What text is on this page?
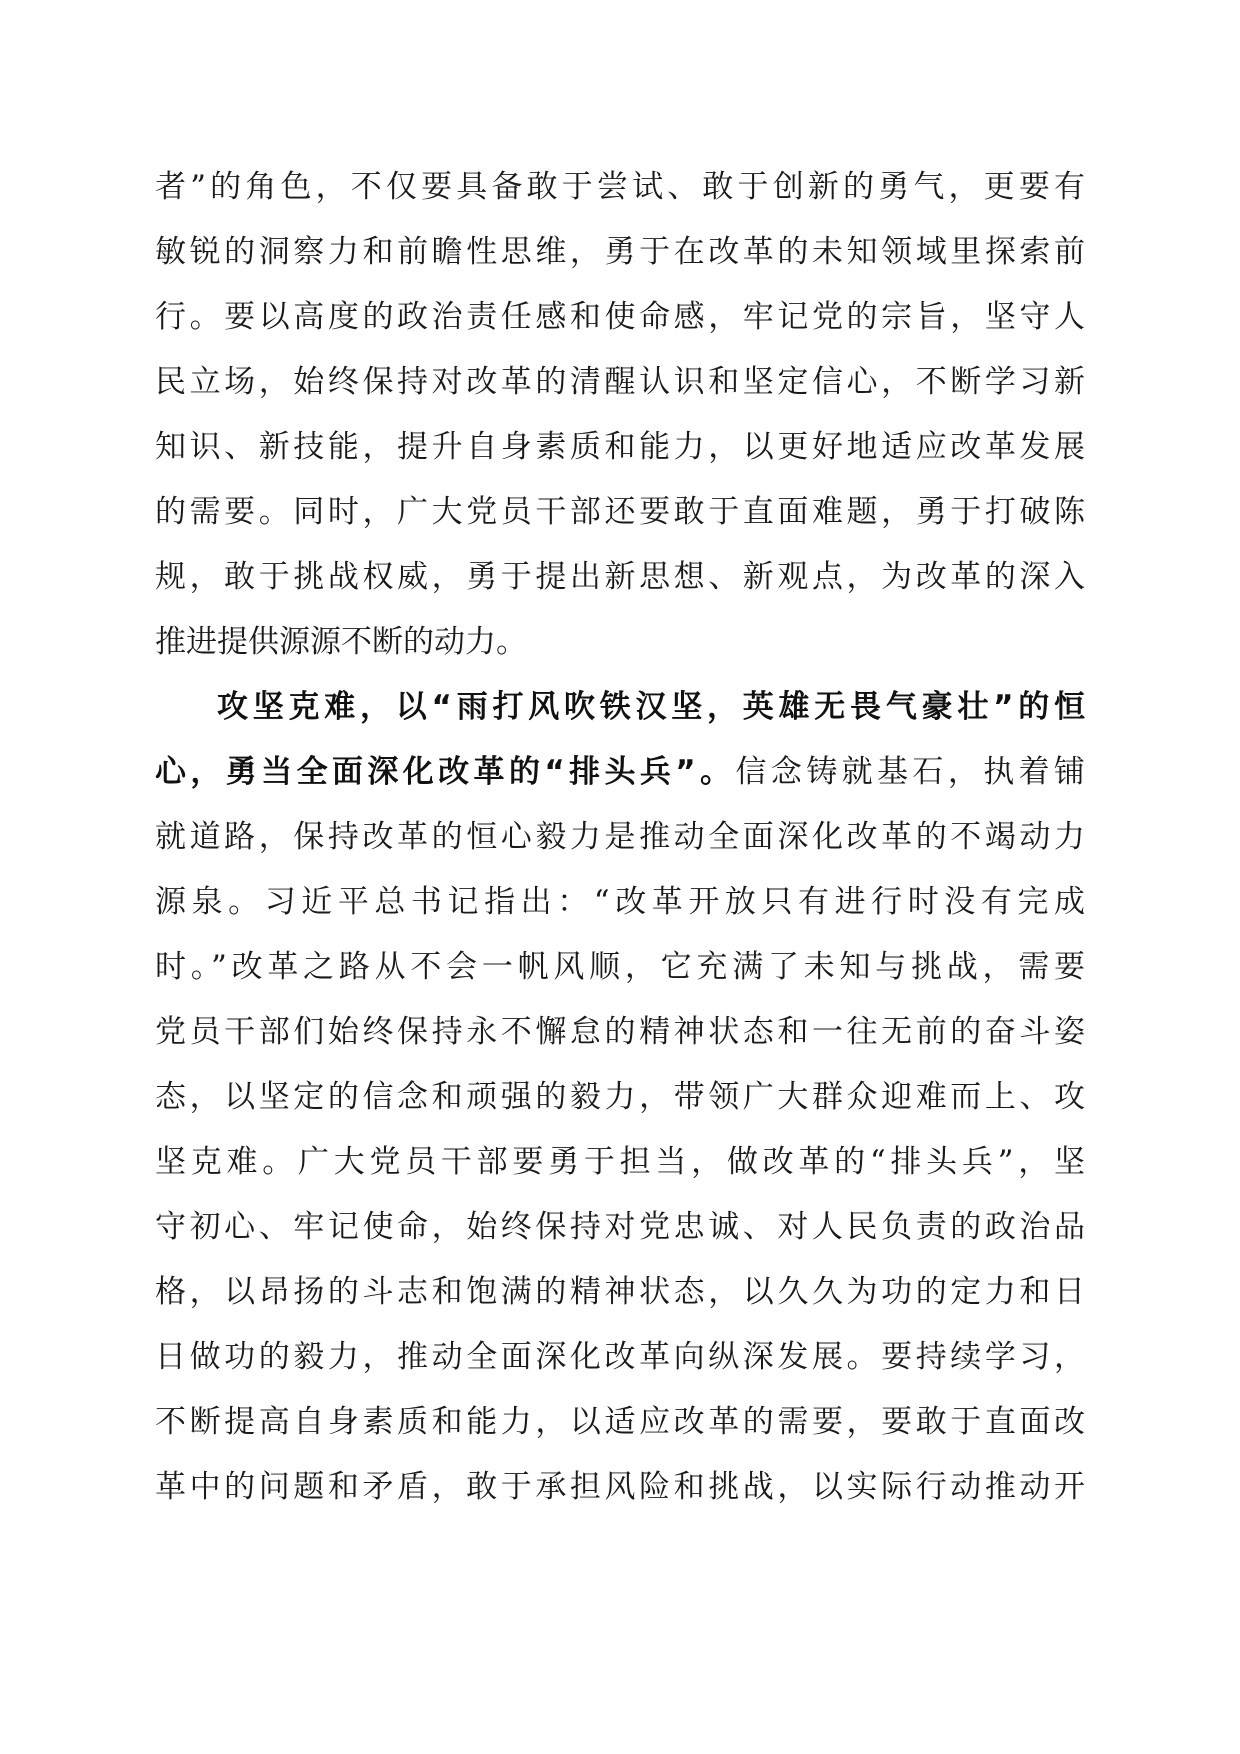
者”的角色，不仅要具备敢于尝试、敢于创新的勇气，更要有
敏锐的洞察力和前瞻性思维，勇于在改革的未知领域里探索前
行。要以高度的政治责任感和使命感，牢记党的宗旨，坚守人
民立场，始终保持对改革的清醒认识和坚定信心，不断学习新
知识、新技能，提升自身素质和能力，以更好地适应改革发展
的需要。同时，广大党员干部还要敢于直面难题，勇于打破陈
规，敢于挑战权威，勇于提出新思想、新观点，为改革的深入
推进提供源源不断的动力。
攻坚克难，以“雨打风吹铁汉坚，英雄无畏气豪壮”的恒
心，勇当全面深化改革的“排头兵”。信念铸就基石，执着铺
就道路，保持改革的恒心毅力是推动全面深化改革的不竭动力
源泉。习近平总书记指出：“改革开放只有进行时没有完成
时。”改革之路从不会一帆风顺，它充满了未知与挑战，需要
党员干部们始终保持永不懈怠的精神状态和一往无前的奋斗姿
态，以坚定的信念和顽强的毅力，带领广大群众迎难而上、攻
坚克难。广大党员干部要勇于担当，做改革的“排头兵”，坚
守初心、牢记使命，始终保持对党忠诚、对人民负责的政治品
格，以昂扬的斗志和饱满的精神状态，以久久为功的定力和日
日做功的毅力，推动全面深化改革向纵深发展。要持续学习，
不断提高自身素质和能力，以适应改革的需要，要敢于直面改
革中的问题和矛盾，敢于承担风险和挑战，以实际行动推动开
